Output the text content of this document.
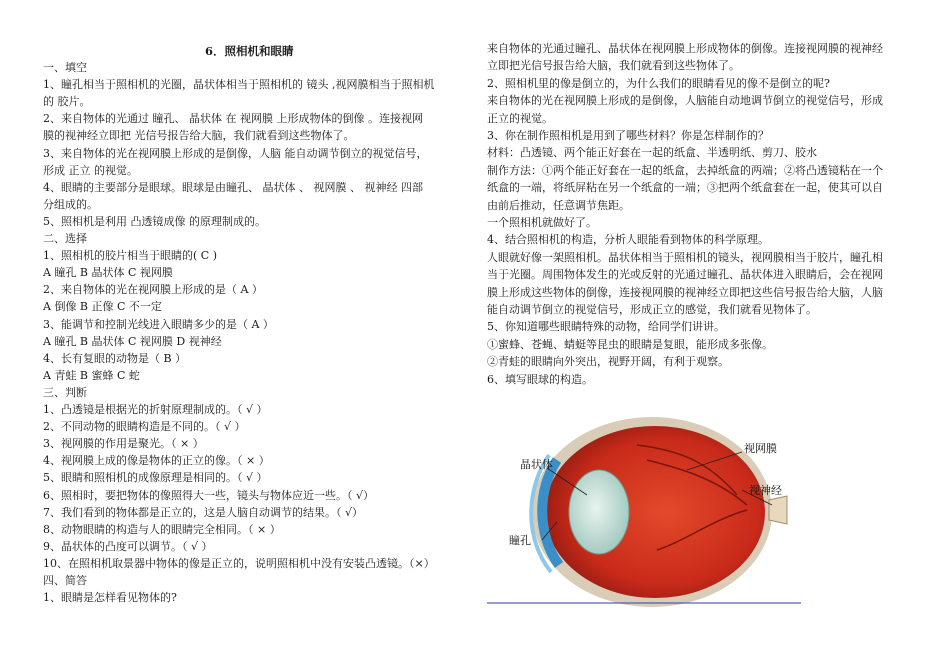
6．照相机和眼睛
一、填空
1、瞳孔相当于照相机的光圈，晶状体相当于照相机的 镜头 ,视网膜相当于照相机
的 胶片。
2、来自物体的光通过 瞳孔、 晶状体 在 视网膜 上形成物体的倒像 。连接视网
膜的视神经立即把 光信号报告给大脑，我们就看到这些物体了。
3、来自物体的光在视网膜上形成的是倒像，人脑 能自动调节倒立的视觉信号，
形成 正立 的视觉。
4、眼睛的主要部分是眼球。眼球是由瞳孔、 晶状体 、 视网膜 、 视神经 四部
分组成的。
5、照相机是利用 凸透镜成像 的原理制成的。
二、选择
1、照相机的胶片相当于眼睛的( C )
A 瞳孔 B 晶状体 C 视网膜
2、来自物体的光在视网膜上形成的是（ A ）
A 倒像 B 正像 C 不一定
3、能调节和控制光线进入眼睛多少的是（ A ）
A 瞳孔 B 晶状体 C 视网膜 D 视神经
4、长有复眼的动物是（ B ）
A 青蛙 B 蜜蜂 C 蛇
三、判断
1、凸透镜是根据光的折射原理制成的。（ √ ）
2、不同动物的眼睛构造是不同的。（ √ ）
3、视网膜的作用是聚光。（ × ）
4、视网膜上成的像是物体的正立的像。（ × ）
5、眼睛和照相机的成像原理是相同的。（ √ ）
6、照相时，要把物体的像照得大一些，镜头与物体应近一些。（ √）
7、我们看到的物体都是正立的，这是人脑自动调节的结果。（ √）
8、动物眼睛的构造与人的眼睛完全相同。（ × ）
9、晶状体的凸度可以调节。（ √ ）
10、在照相机取景器中物体的像是正立的，说明照相机中没有安装凸透镜。（×）
四、简答
1、眼睛是怎样看见物体的?
来自物体的光通过瞳孔、晶状体在视网膜上形成物体的倒像。连接视网膜的视神经
立即把光信号报告给大脑，我们就看到这些物体了。
2、照相机里的像是倒立的，为什么我们的眼睛看见的像不是倒立的呢?
来自物体的光在视网膜上形成的是倒像，人脑能自动地调节倒立的视觉信号，形成
正立的视觉。
3、你在制作照相机是用到了哪些材料？你是怎样制作的？
材料：凸透镜、两个能正好套在一起的纸盒、半透明纸、剪刀、胶水
制作方法：①两个能正好套在一起的纸盒，去掉纸盒的两端；②将凸透镜粘在一个
纸盒的一端，将纸屏粘在另一个纸盒的一端；③把两个纸盒套在一起，使其可以自
由前后推动，任意调节焦距。
一个照相机就做好了。
4、结合照相机的构造，分析人眼能看到物体的科学原理。
人眼就好像一架照相机。晶状体相当于照相机的镜头，视网膜相当于胶片，瞳孔相
当于光圈。周围物体发生的光或反射的光通过瞳孔、晶状体进入眼睛后，会在视网
膜上形成这些物体的倒像，连接视网膜的视神经立即把这些信号报告给大脑，人脑
能自动调节倒立的视觉信号，形成正立的感觉，我们就看见物体了。
5、你知道哪些眼睛特殊的动物，给同学们讲讲。
①蜜蜂、苍蝇、蜻蜓等昆虫的眼睛是复眼，能形成多张像。
②青蛙的眼睛向外突出，视野开阔，有利于观察。
6、填写眼球的构造。
晶状体
视网膜
视神经
瞳孔
